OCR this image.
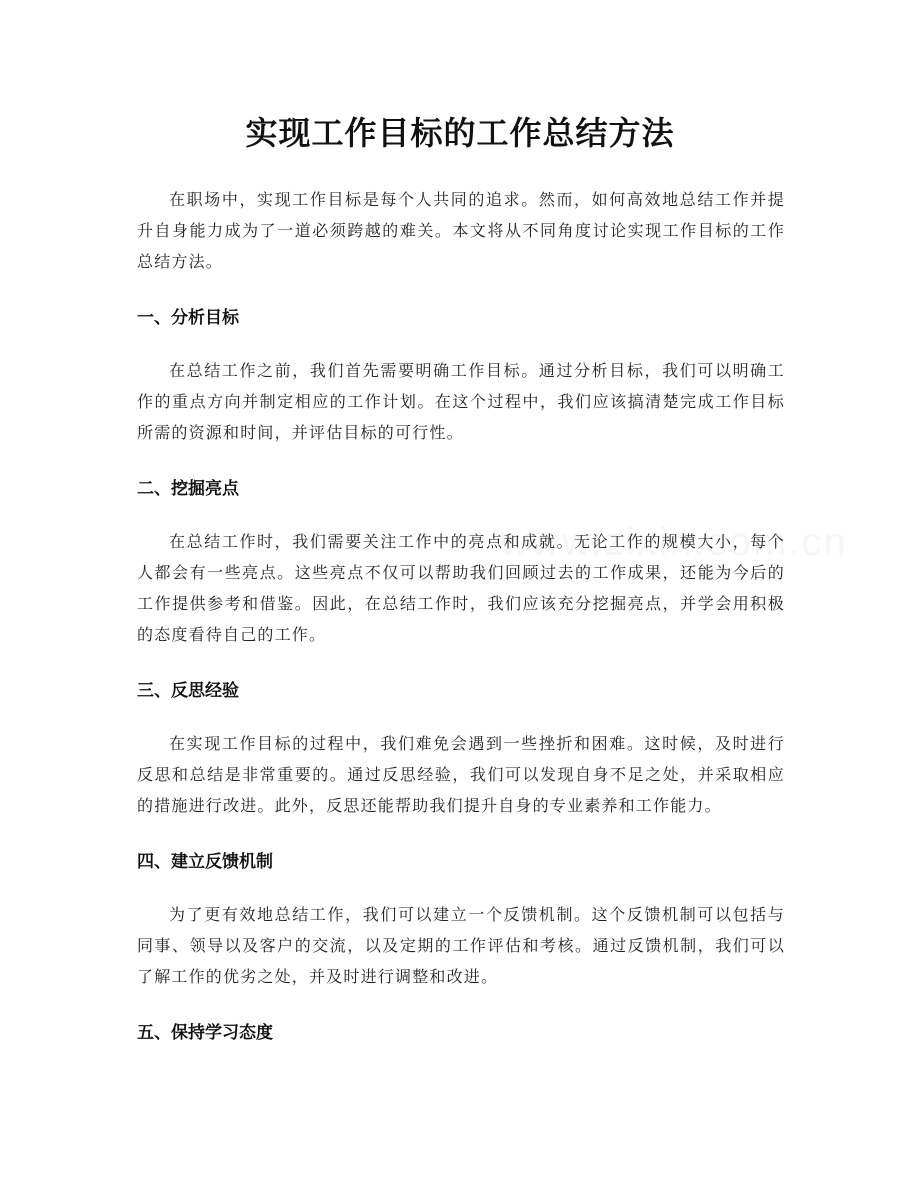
实现工作目标的工作总结方法

在职场中，实现工作目标是每个人共同的追求。然而，如何高效地总结工作并提升自身能力成为了一道必须跨越的难关。本文将从不同角度讨论实现工作目标的工作总结方法。

一、分析目标

在总结工作之前，我们首先需要明确工作目标。通过分析目标，我们可以明确工作的重点方向并制定相应的工作计划。在这个过程中，我们应该搞清楚完成工作目标所需的资源和时间，并评估目标的可行性。

二、挖掘亮点

在总结工作时，我们需要关注工作中的亮点和成就。无论工作的规模大小，每个人都会有一些亮点。这些亮点不仅可以帮助我们回顾过去的工作成果，还能为今后的工作提供参考和借鉴。因此，在总结工作时，我们应该充分挖掘亮点，并学会用积极的态度看待自己的工作。

三、反思经验

在实现工作目标的过程中，我们难免会遇到一些挫折和困难。这时候，及时进行反思和总结是非常重要的。通过反思经验，我们可以发现自身不足之处，并采取相应的措施进行改进。此外，反思还能帮助我们提升自身的专业素养和工作能力。

四、建立反馈机制

为了更有效地总结工作，我们可以建立一个反馈机制。这个反馈机制可以包括与同事、领导以及客户的交流，以及定期的工作评估和考核。通过反馈机制，我们可以了解工作的优劣之处，并及时进行调整和改进。

五、保持学习态度
